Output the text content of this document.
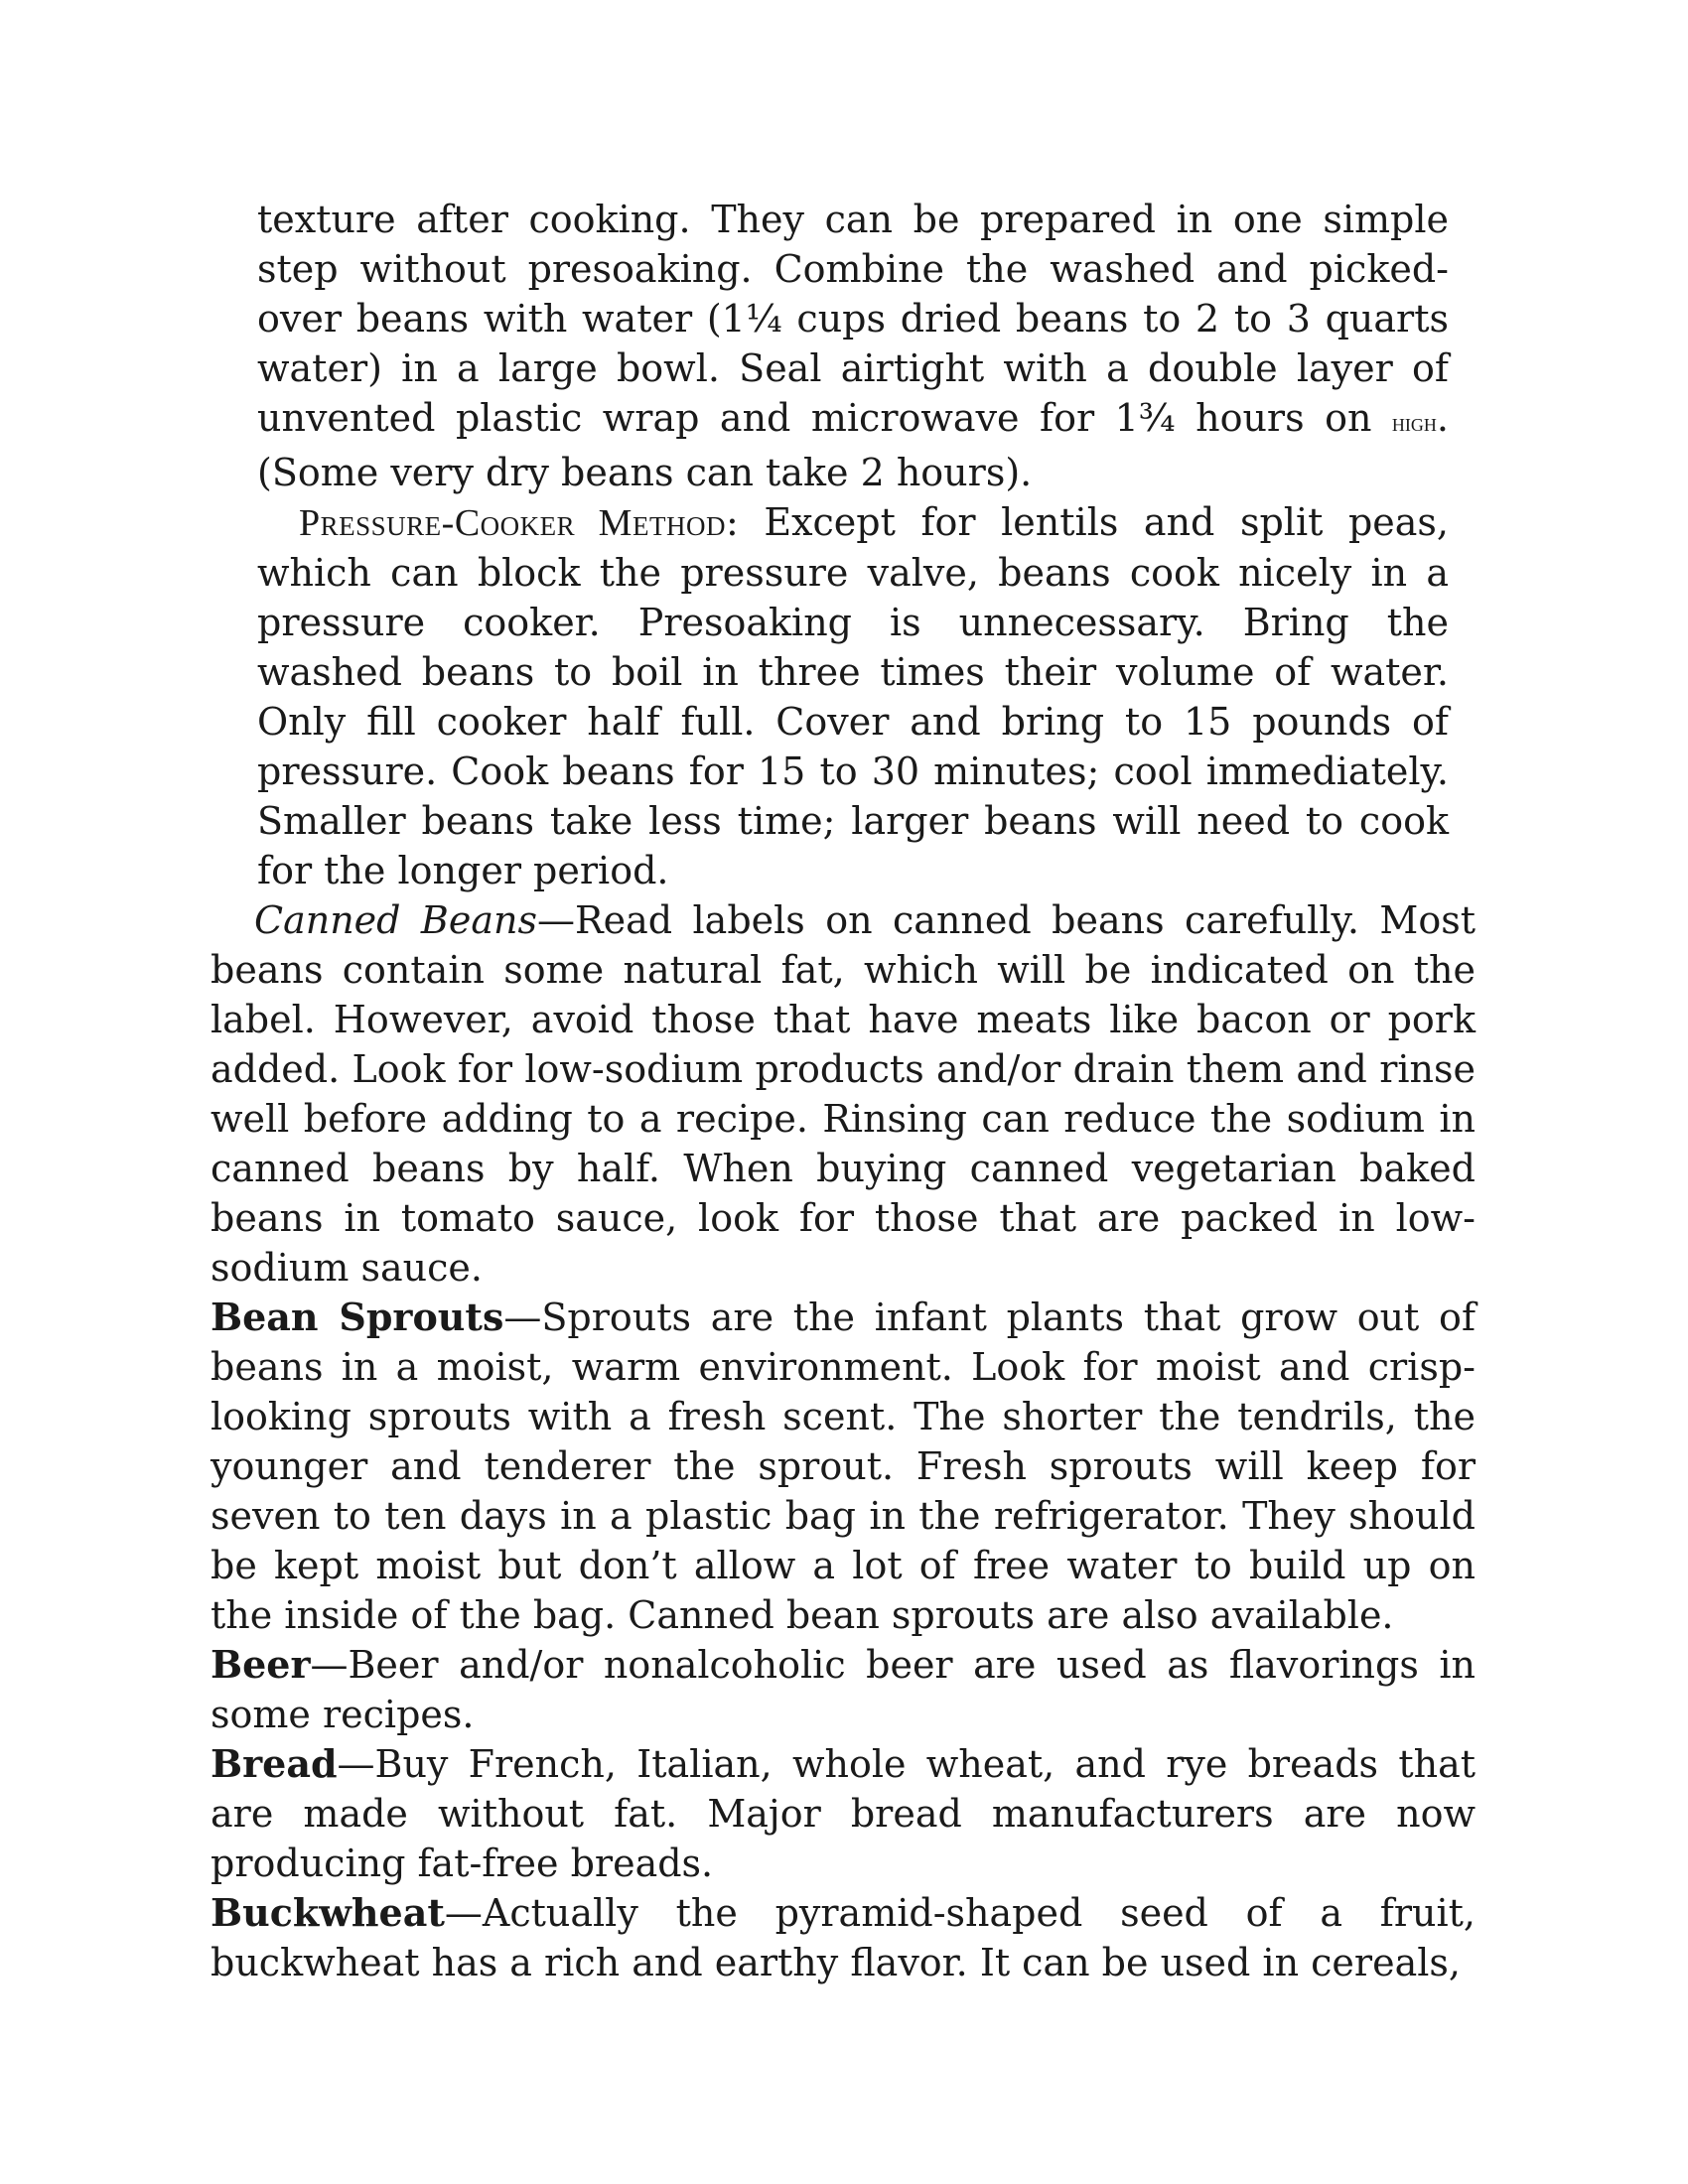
texture after cooking. They can be prepared in one simple step without presoaking. Combine the washed and picked-over beans with water (1¼ cups dried beans to 2 to 3 quarts water) in a large bowl. Seal airtight with a double layer of unvented plastic wrap and microwave for 1¾ hours on high. (Some very dry beans can take 2 hours).

Pressure-Cooker Method: Except for lentils and split peas, which can block the pressure valve, beans cook nicely in a pressure cooker. Presoaking is unnecessary. Bring the washed beans to boil in three times their volume of water. Only fill cooker half full. Cover and bring to 15 pounds of pressure. Cook beans for 15 to 30 minutes; cool immediately. Smaller beans take less time; larger beans will need to cook for the longer period.

Canned Beans—Read labels on canned beans carefully. Most beans contain some natural fat, which will be indicated on the label. However, avoid those that have meats like bacon or pork added. Look for low-sodium products and/or drain them and rinse well before adding to a recipe. Rinsing can reduce the sodium in canned beans by half. When buying canned vegetarian baked beans in tomato sauce, look for those that are packed in low-sodium sauce.

Bean Sprouts—Sprouts are the infant plants that grow out of beans in a moist, warm environment. Look for moist and crisp-looking sprouts with a fresh scent. The shorter the tendrils, the younger and tenderer the sprout. Fresh sprouts will keep for seven to ten days in a plastic bag in the refrigerator. They should be kept moist but don’t allow a lot of free water to build up on the inside of the bag. Canned bean sprouts are also available.

Beer—Beer and/or nonalcoholic beer are used as flavorings in some recipes.

Bread—Buy French, Italian, whole wheat, and rye breads that are made without fat. Major bread manufacturers are now producing fat-free breads.

Buckwheat—Actually the pyramid-shaped seed of a fruit, buckwheat has a rich and earthy flavor. It can be used in cereals,
